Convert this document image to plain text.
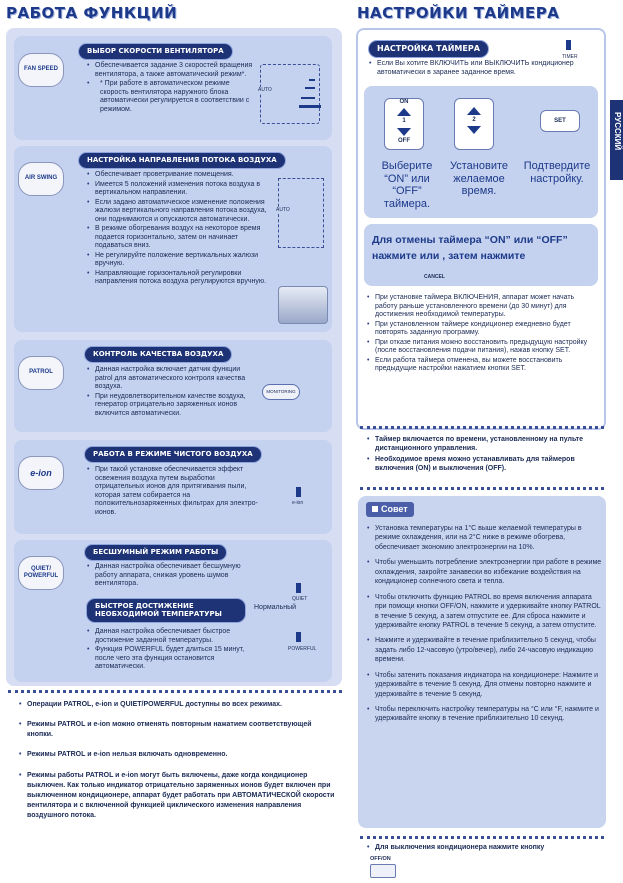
РАБОТА ФУНКЦИЙ	НАСТРОЙКИ ТАЙМЕРА
РУССКИЙ
FAN SPEED
ВЫБОР СКОРОСТИ ВЕНТИЛЯТОРА
• Обеспечивается задание 3 скоростей вращения вентилятора, а также автоматический режим*.
• * При работе в автоматическом режиме скорость вентилятора наружного блока автоматически регулируется в соответствии с режимом.
AUTO
AIR SWING
НАСТРОЙКА НАПРАВЛЕНИЯ ПОТОКА ВОЗДУХА
• Обеспечивает проветривание помещения.
• Имеется 5 положений изменения потока воздуха в вертикальном направлении.
• Если задано автоматическое изменение положения жалюзи вертикального направления потока воздуха, они поднимаются и опускаются автоматически.
• В режиме обогревания воздух на некоторое время подается горизонтально, затем он начинает подаваться вниз.
• Не регулируйте положение вертикальных жалюзи вручную.
• Направляющие горизонтальной регулировки направления потока воздуха регулируются вручную.
AUTO
PATROL
КОНТРОЛЬ КАЧЕСТВА ВОЗДУХА
• Данная настройка включает датчик функции patrol для автоматического контроля качества воздуха.
• При неудовлетворительном качестве воздуха, генератор отрицательно заряженных ионов включится автоматически.
MONITORING
e-ion
РАБОТА В РЕЖИМЕ ЧИСТОГО ВОЗДУХА
• При такой установке обеспечивается эффект освежения воздуха путем выработки отрицательных ионов для притягивания пыли, которая затем собирается на положительнозаряженных фильтрах для электро-ионов.
e-ion
QUIET/ POWERFUL
БЕСШУМНЫЙ РЕЖИМ РАБОТЫ
• Данная настройка обеспечивает бесшумную работу аппарата, снижая уровень шумов вентилятора.
БЫСТРОЕ ДОСТИЖЕНИЕ НЕОБХОДИМОЙ ТЕМПЕРАТУРЫ
Нормальный
QUIET
• Данная настройка обеспечивает быстрое достижение заданной температуры.
• Функция POWERFUL будет длиться 15 минут, после чего эта функция остановится автоматически.
POWERFUL
• Операции PATROL, e-ion и QUIET/POWERFUL доступны во всех режимах.
• Режимы PATROL и e-ion можно отменять повторным нажатием соответствующей кнопки.
• Режимы PATROL и e-ion нельзя включать одновременно.
• Режимы работы PATROL и e-ion могут быть включены, даже когда кондиционер выключен. Как только индикатор отрицательно заряженных ионов будет включен при выключенном кондиционере, аппарат будет работать при АВТОМАТИЧЕСКОЙ скорости вентилятора и с включенной функцией циклического изменения направления воздушного потока.
НАСТРОЙКА ТАЙМЕРА
TIMER
• Если Вы хотите ВКЛЮЧИТЬ или ВЫКЛЮЧИТЬ кондиционер автоматически в заранее заданное время.
ON
1
OFF
2	SET
Выберите “ON” или “OFF” таймера.
Установите желаемое время.
Подтвердите настройку.
Для отмены таймера “ON” или “OFF” нажмите или , затем нажмите
CANCEL
• При установке таймера ВКЛЮЧЕНИЯ, аппарат может начать работу раньше установленного времени (до 30 минут) для достижения необходимой температуры.
• При установленном таймере кондиционер ежедневно будет повторять заданную программу.
• При отказе питания можно восстановить предыдущую настройку (после восстановления подачи питания), нажав кнопку SET.
• Если работа таймера отменена, вы можете восстановить предыдущие настройки нажатием кнопки SET.
• Таймер включается по времени, установленному на пульте дистанционного управления.
• Необходимое время можно устанавливать для таймеров включения (ON) и выключения (OFF).
Совет
• Установка температуры на 1°C выше желаемой температуры в режиме охлаждения, или на 2°C ниже в режиме обогрева, обеспечивает экономию электроэнергии на 10%.
• Чтобы уменьшить потребление электроэнергии при работе в режиме охлаждения, закройте занавески во избежание воздействия на кондиционер солнечного света и тепла.
• Чтобы отключить функцию PATROL во время включения аппарата при помощи кнопки OFF/ON, нажмите и удерживайте кнопку PATROL в течение 5 секунд, а затем отпустите ее. Для сброса нажмите и удерживайте кнопку PATROL в течение 5 секунд, а затем отпустите.
• Нажмите и удерживайте в течение приблизительно 5 секунд, чтобы задать либо 12-часовую (утро/вечер), либо 24-часовую индикацию времени.
• Чтобы затенить показания индикатора на кондиционере: Нажмите и удерживайте в течение 5 секунд. Для отмены повторно нажмите и удерживайте в течение 5 секунд.
• Чтобы переключить настройку температуры на °C или °F, нажмите и удерживайте кнопку в течение приблизительно 10 секунд.
• Для выключения кондиционера нажмите кнопку
OFF/ON
